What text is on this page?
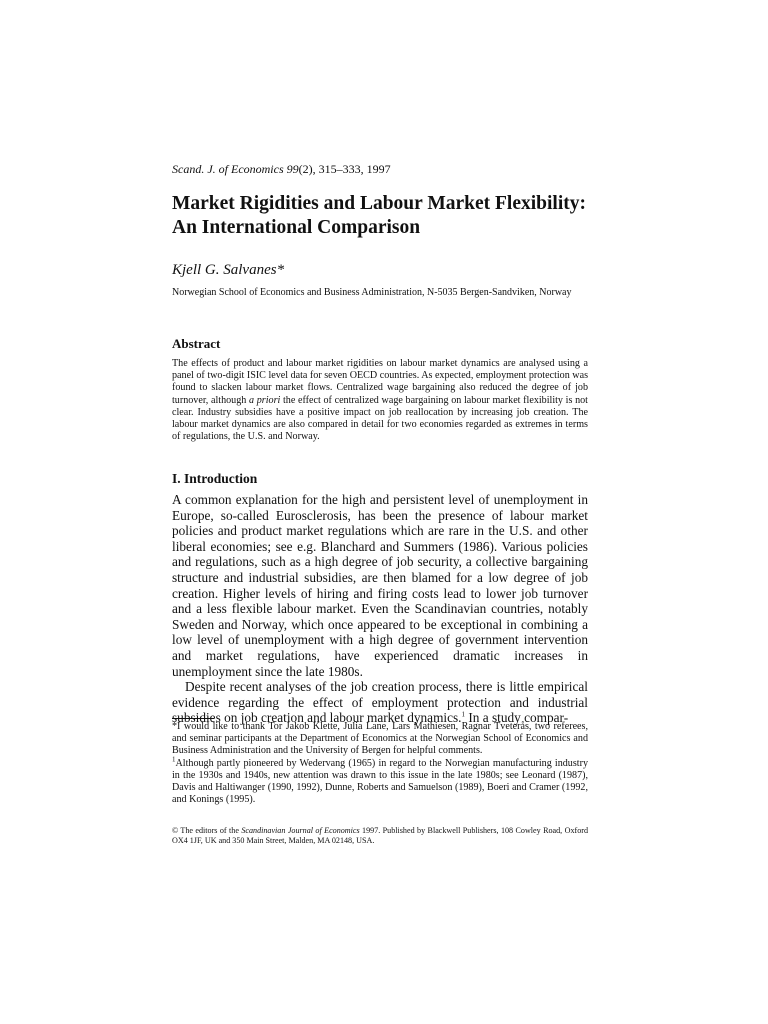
Scand. J. of Economics 99(2), 315–333, 1997
Market Rigidities and Labour Market Flexibility: An International Comparison
Kjell G. Salvanes*
Norwegian School of Economics and Business Administration, N-5035 Bergen-Sandviken, Norway
Abstract

The effects of product and labour market rigidities on labour market dynamics are analysed using a panel of two-digit ISIC level data for seven OECD countries. As expected, employment protection was found to slacken labour market flows. Centralized wage bargaining also reduced the degree of job turnover, although a priori the effect of centralized wage bargaining on labour market flexibility is not clear. Industry subsidies have a positive impact on job reallocation by increasing job creation. The labour market dynamics are also compared in detail for two economies regarded as extremes in terms of regulations, the U.S. and Norway.

I. Introduction

A common explanation for the high and persistent level of unemployment in Europe, so-called Eurosclerosis, has been the presence of labour market policies and product market regulations which are rare in the U.S. and other liberal economies; see e.g. Blanchard and Summers (1986). Various policies and regulations, such as a high degree of job security, a collective bargaining structure and industrial subsidies, are then blamed for a low degree of job creation. Higher levels of hiring and firing costs lead to lower job turnover and a less flexible labour market. Even the Scandinavian countries, notably Sweden and Norway, which once appeared to be exceptional in combining a low level of unemployment with a high degree of government intervention and market regulations, have experienced dramatic increases in unemployment since the late 1980s.

Despite recent analyses of the job creation process, there is little empirical evidence regarding the effect of employment protection and industrial subsidies on job creation and labour market dynamics.$^1$ In a study compar-

*I would like to thank Tor Jakob Klette, Julia Lane, Lars Mathiesen, Ragnar Tveterås, two referees, and seminar participants at the Department of Economics at the Norwegian School of Economics and Business Administration and the University of Bergen for helpful comments.

$^1$Although partly pioneered by Wedervang (1965) in regard to the Norwegian manufacturing industry in the 1930s and 1940s, new attention was drawn to this issue in the late 1980s; see Leonard (1987), Davis and Haltiwanger (1990, 1992), Dunne, Roberts and Samuelson (1989), Boeri and Cramer (1992, and Konings (1995).

© The editors of the Scandinavian Journal of Economics 1997. Published by Blackwell Publishers, 108 Cowley Road, Oxford OX4 1JF, UK and 350 Main Street, Malden, MA 02148, USA.
